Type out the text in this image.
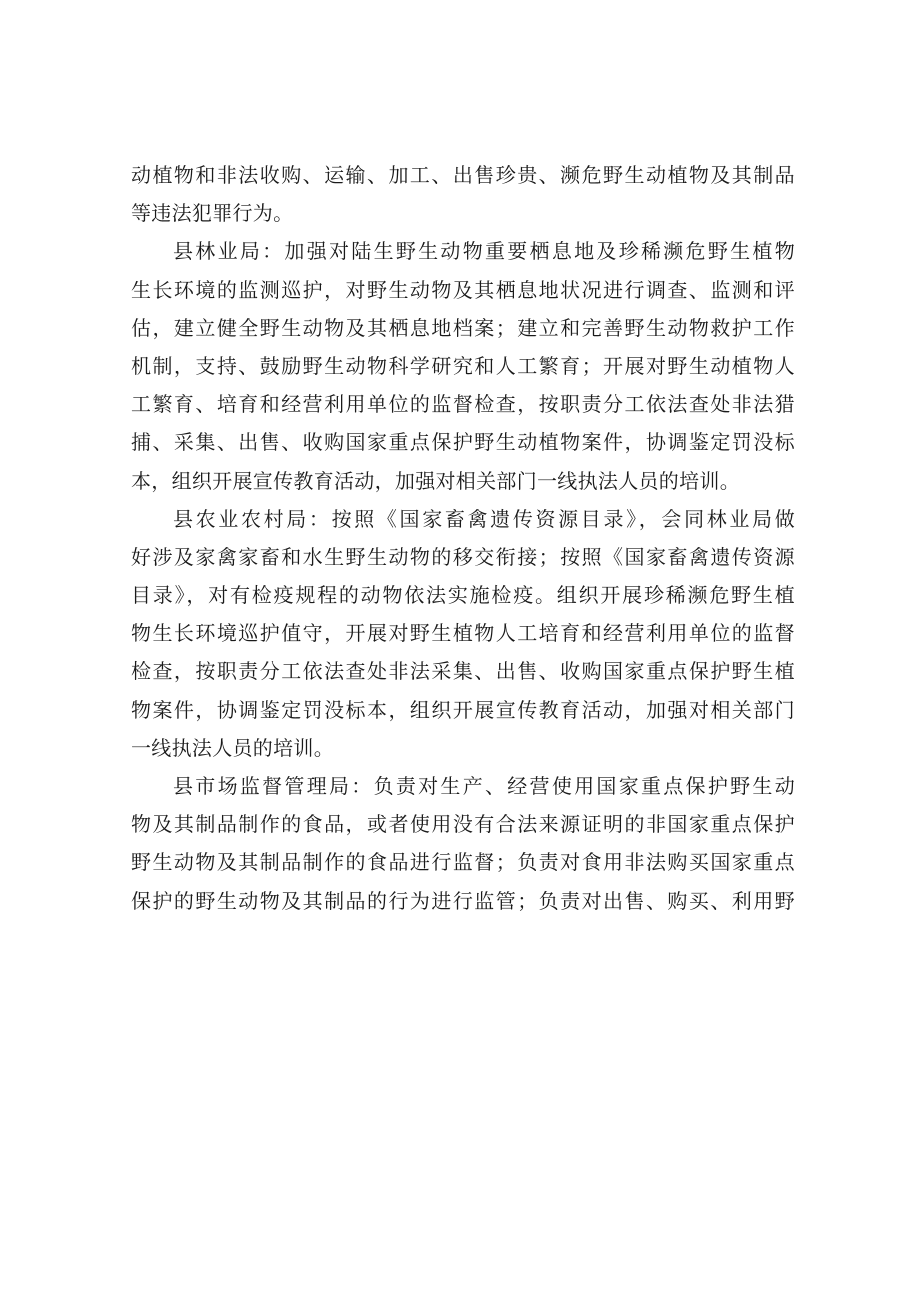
动植物和非法收购、运输、加工、出售珍贵、濒危野生动植物及其制品
等违法犯罪行为。
县林业局：加强对陆生野生动物重要栖息地及珍稀濒危野生植物
生长环境的监测巡护，对野生动物及其栖息地状况进行调查、监测和评
估，建立健全野生动物及其栖息地档案；建立和完善野生动物救护工作
机制，支持、鼓励野生动物科学研究和人工繁育；开展对野生动植物人
工繁育、培育和经营利用单位的监督检查，按职责分工依法查处非法猎
捕、采集、出售、收购国家重点保护野生动植物案件，协调鉴定罚没标
本，组织开展宣传教育活动，加强对相关部门一线执法人员的培训。
县农业农村局：按照《国家畜禽遗传资源目录》，会同林业局做
好涉及家禽家畜和水生野生动物的移交衔接；按照《国家畜禽遗传资源
目录》，对有检疫规程的动物依法实施检疫。组织开展珍稀濒危野生植
物生长环境巡护值守，开展对野生植物人工培育和经营利用单位的监督
检查，按职责分工依法查处非法采集、出售、收购国家重点保护野生植
物案件，协调鉴定罚没标本，组织开展宣传教育活动，加强对相关部门
一线执法人员的培训。
县市场监督管理局：负责对生产、经营使用国家重点保护野生动
物及其制品制作的食品，或者使用没有合法来源证明的非国家重点保护
野生动物及其制品制作的食品进行监督；负责对食用非法购买国家重点
保护的野生动物及其制品的行为进行监管；负责对出售、购买、利用野
